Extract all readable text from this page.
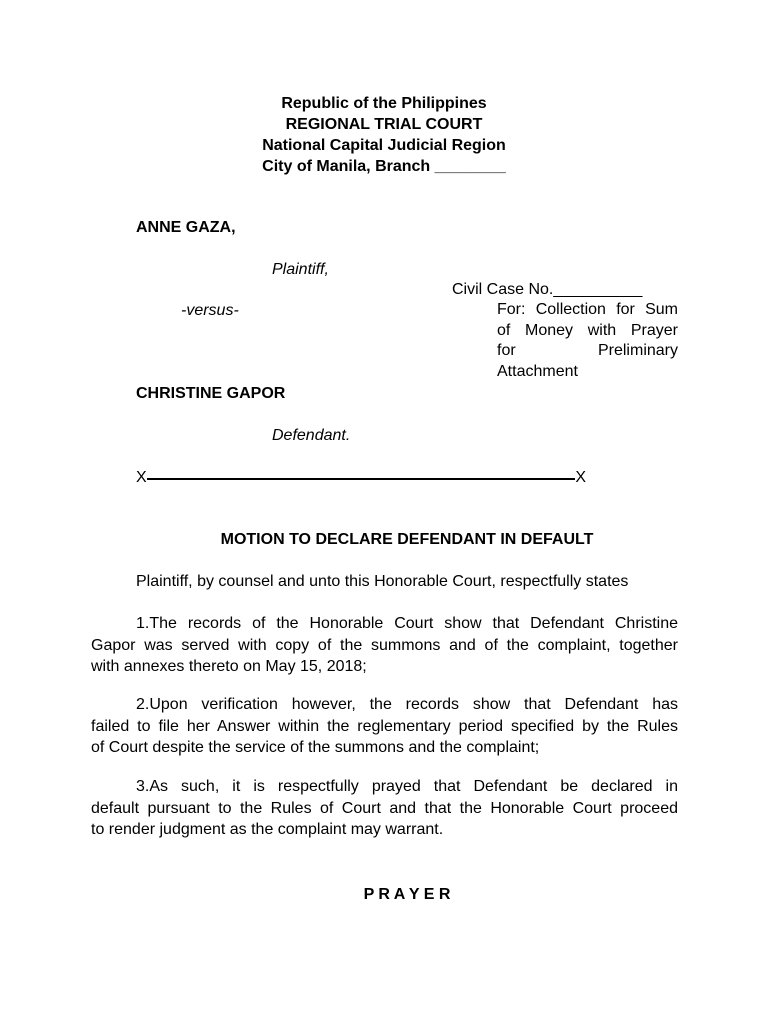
Republic of the Philippines
REGIONAL TRIAL COURT
National Capital Judicial Region
City of Manila, Branch ________
ANNE GAZA,
Plaintiff,
-versus-
CHRISTINE GAPOR
Defendant.
Civil Case No.__________
For: Collection for Sum
of Money with Prayer
for Preliminary
Attachment
X	X
MOTION TO DECLARE DEFENDANT IN DEFAULT
Plaintiff, by counsel and unto this Honorable Court, respectfully states
1.The records of the Honorable Court show that Defendant Christine
Gapor was served with copy of the summons and of the complaint, together
with annexes thereto on May 15, 2018;
2.Upon verification however, the records show that Defendant has
failed to file her Answer within the reglementary period specified by the Rules
of Court despite the service of the summons and the complaint;
3.As such, it is respectfully prayed that Defendant be declared in
default pursuant to the Rules of Court and that the Honorable Court proceed
to render judgment as the complaint may warrant.
P R A Y E R
